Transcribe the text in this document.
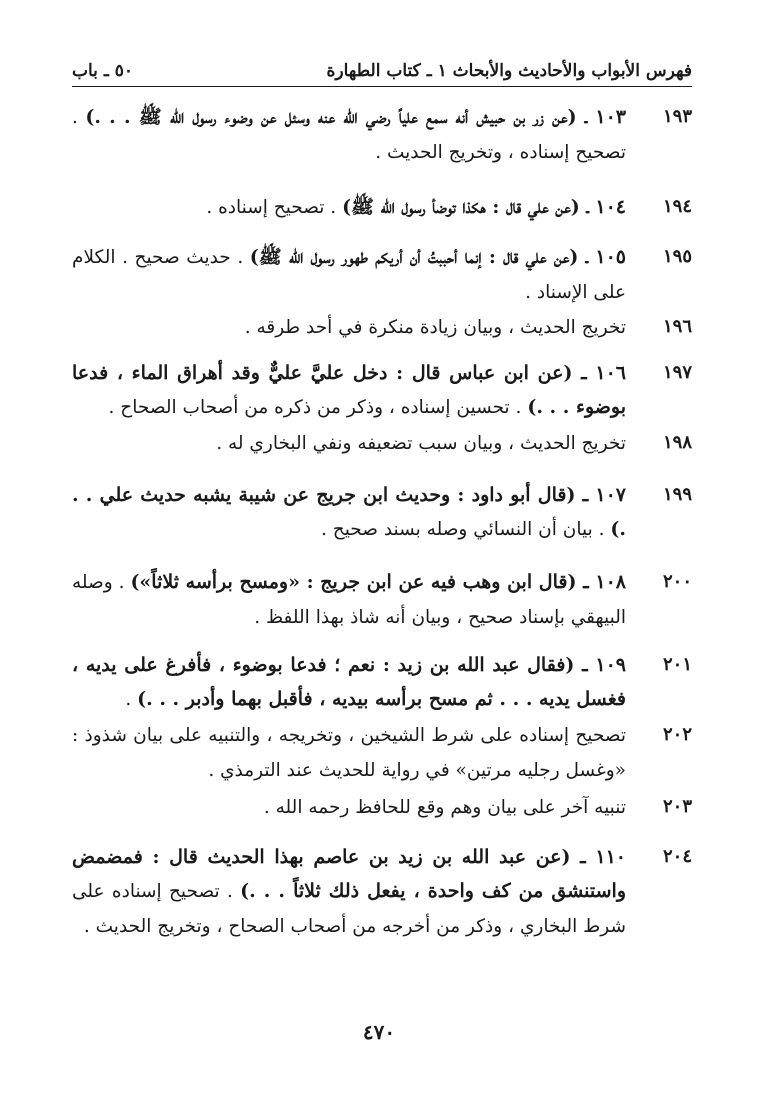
فهرس الأبواب والأحاديث والأبحاث ١ ـ كتاب الطهارة
٥٠ ـ باب
١٩٣
١٠٣ ـ (عن زر بن حبيش أنه سمع علياً رضي الله عنه وسئل عن وضوء رسول الله ﷺ . . .) . تصحيح إسناده ، وتخريج الحديث .
١٩٤
١٠٤ ـ (عن علي قال : هكذا توضأ رسول الله ﷺ) . تصحيح إسناده .
١٩٥
١٠٥ ـ (عن علي قال : إنما أحببتُ أن أريكم طهور رسول الله ﷺ) . حديث صحيح . الكلام على الإسناد .
١٩٦
تخريج الحديث ، وبيان زيادة منكرة في أحد طرقه .
١٩٧
١٠٦ ـ (عن ابن عباس قال : دخل عليَّ عليٌّ وقد أهراق الماء ، فدعا بوضوء . . .) . تحسين إسناده ، وذكر من ذكره من أصحاب الصحاح .
١٩٨
تخريج الحديث ، وبيان سبب تضعيفه ونفي البخاري له .
١٩٩
١٠٧ ـ (قال أبو داود : وحديث ابن جريج عن شيبة يشبه حديث علي . . .) . بيان أن النسائي وصله بسند صحيح .
٢٠٠
١٠٨ ـ (قال ابن وهب فيه عن ابن جريج : «ومسح برأسه ثلاثاً») . وصله البيهقي بإسناد صحيح ، وبيان أنه شاذ بهذا اللفظ .
٢٠١
١٠٩ ـ (فقال عبد الله بن زيد : نعم ؛ فدعا بوضوء ، فأفرغ على يديه ، فغسل يديه . . . ثم مسح برأسه بيديه ، فأقبل بهما وأدبر . . .) .
٢٠٢
تصحيح إسناده على شرط الشيخين ، وتخريجه ، والتنبيه على بيان شذوذ : «وغسل رجليه مرتين» في رواية للحديث عند الترمذي .
٢٠٣
تنبيه آخر على بيان وهم وقع للحافظ رحمه الله .
٢٠٤
١١٠ ـ (عن عبد الله بن زيد بن عاصم بهذا الحديث قال : فمضمض واستنشق من كف واحدة ، يفعل ذلك ثلاثاً . . .) . تصحيح إسناده على شرط البخاري ، وذكر من أخرجه من أصحاب الصحاح ، وتخريج الحديث .
٤٧٠
